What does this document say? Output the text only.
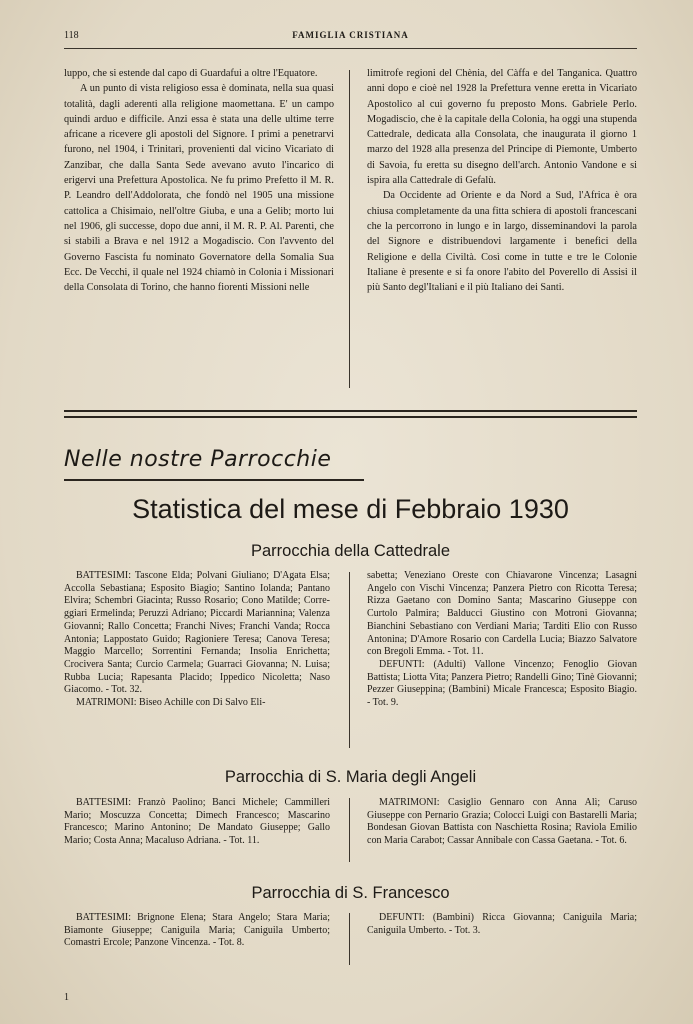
118	FAMIGLIA CRISTIANA

luppo, che si estende dal capo di Guardafui a oltre l'Equatore.

A un punto di vista religioso essa è dominata, nella sua quasi totalità, dagli aderenti alla religione maomettana. E' un campo quindi arduo e difficile. Anzi essa è stata una delle ultime terre africane a ricevere gli apostoli del Signore. I primi a penetrarvi furono, nel 1904, i Trinitari, provenienti dal vicino Vicariato di Zanzibar, che dalla Santa Sede avevano avuto l'incarico di erigervi una Prefettura Apostolica. Ne fu primo Prefetto il M. R. P. Leandro dell'Addolorata, che fondò nel 1905 una missione cattolica a Chisimaio, nell'oltre Giuba, e una a Gelib; morto lui nel 1906, gli successe, dopo due anni, il M. R. P. Al. Parenti, che si stabilì a Brava e nel 1912 a Mogadiscio. Con l'avvento del Governo Fascista fu nominato Governatore della Somalia Sua Ecc. De Vecchi, il quale nel 1924 chiamò in Colonia i Missionari della Consolata di Torino, che hanno fiorenti Missioni nelle

limitrofe regioni del Chènia, del Càffa e del Tanganica. Quattro anni dopo e cioè nel 1928 la Prefettura venne eretta in Vicariato Apostolico al cui governo fu preposto Mons. Gabriele Perlo. Mogadiscio, che è la capitale della Colonia, ha oggi una stupenda Cattedrale, dedicata alla Consolata, che inaugurata il giorno 1 marzo del 1928 alla presenza del Principe di Piemonte, Umberto di Savoia, fu eretta su disegno dell'arch. Antonio Vandone e si ispira alla Cattedrale di Gefalù.

Da Occidente ad Oriente e da Nord a Sud, l'Africa è ora chiusa completamente da una fitta schiera di apostoli francescani che la percorrono in lungo e in largo, disseminandovi la parola del Signore e distribuendovi largamente i benefici della Religione e della Civiltà. Così come in tutte e tre le Colonie Italiane è presente e si fa onore l'abito del Poverello di Assisi il più Santo degl'Italiani e il più Italiano dei Santi.

Nelle nostre Parrocchie
Statistica del mese di Febbraio 1930
Parrocchia della Cattedrale

BATTESIMI: Tascone Elda; Polvani Giuliano; D'Agata Elsa; Accolla Sebastiana; Esposito Biagio; Santino Iolanda; Pantano Elvira; Schembri Giacinta; Russo Rosario; Cono Matilde; Correggiari Ermelinda; Peruzzi Adriano; Piccardi Mariannina; Valenza Giovanni; Rallo Concetta; Franchi Nives; Franchi Vanda; Rocca Antonia; Lappostato Guido; Ragioniere Teresa; Canova Teresa; Maggio Marcello; Sorrentini Fernanda; Insolia Enrichetta; Crocivera Santa; Curcio Carmela; Guarraci Giovanna; N. Luisa; Rubba Lucia; Rapesanta Placido; Ippedico Nicoletta; Naso Giacomo. - Tot. 32.

MATRIMONI: Biseo Achille con Di Salvo Eli-

sabetta; Veneziano Oreste con Chiavarone Vincenza; Lasagni Angelo con Vischi Vincenza; Panzera Pietro con Ricotta Teresa; Rizza Gaetano con Domino Santa; Mascarino Giuseppe con Curtolo Palmira; Balducci Giustino con Motroni Giovanna; Bianchini Sebastiano con Verdiani Maria; Tarditi Elio con Russo Antonina; D'Amore Rosario con Cardella Lucia; Biazzo Salvatore con Bregoli Emma. - Tot. 11.

DEFUNTI: (Adulti) Vallone Vincenzo; Fenoglio Giovan Battista; Liotta Vita; Panzera Pietro; Randelli Gino; Tinè Giovanni; Pezzer Giuseppina; (Bambini) Micale Francesca; Esposito Biagio. - Tot. 9.

Parrocchia di S. Maria degli Angeli

BATTESIMI: Franzò Paolino; Banci Michele; Cammilleri Mario; Moscuzza Concetta; Dimech Francesco; Mascarino Francesco; Marino Antonino; De Mandato Giuseppe; Gallo Mario; Costa Anna; Macaluso Adriana. - Tot. 11.

MATRIMONI: Casiglio Gennaro con Anna Alì; Caruso Giuseppe con Pernario Grazia; Colocci Luigi con Bastarelli Maria; Bondesan Giovan Battista con Naschietta Rosina; Raviola Emilio con Maria Carabot; Cassar Annibale con Cassa Gaetana. - Tot. 6.

Parrocchia di S. Francesco

BATTESIMI: Brignone Elena; Stara Angelo; Stara Maria; Biamonte Giuseppe; Caniguila Maria; Caniguila Umberto; Comastri Ercole; Panzone Vincenza. - Tot. 8.

DEFUNTI: (Bambini) Ricca Giovanna; Caniguila Maria; Caniguila Umberto. - Tot. 3.

1
